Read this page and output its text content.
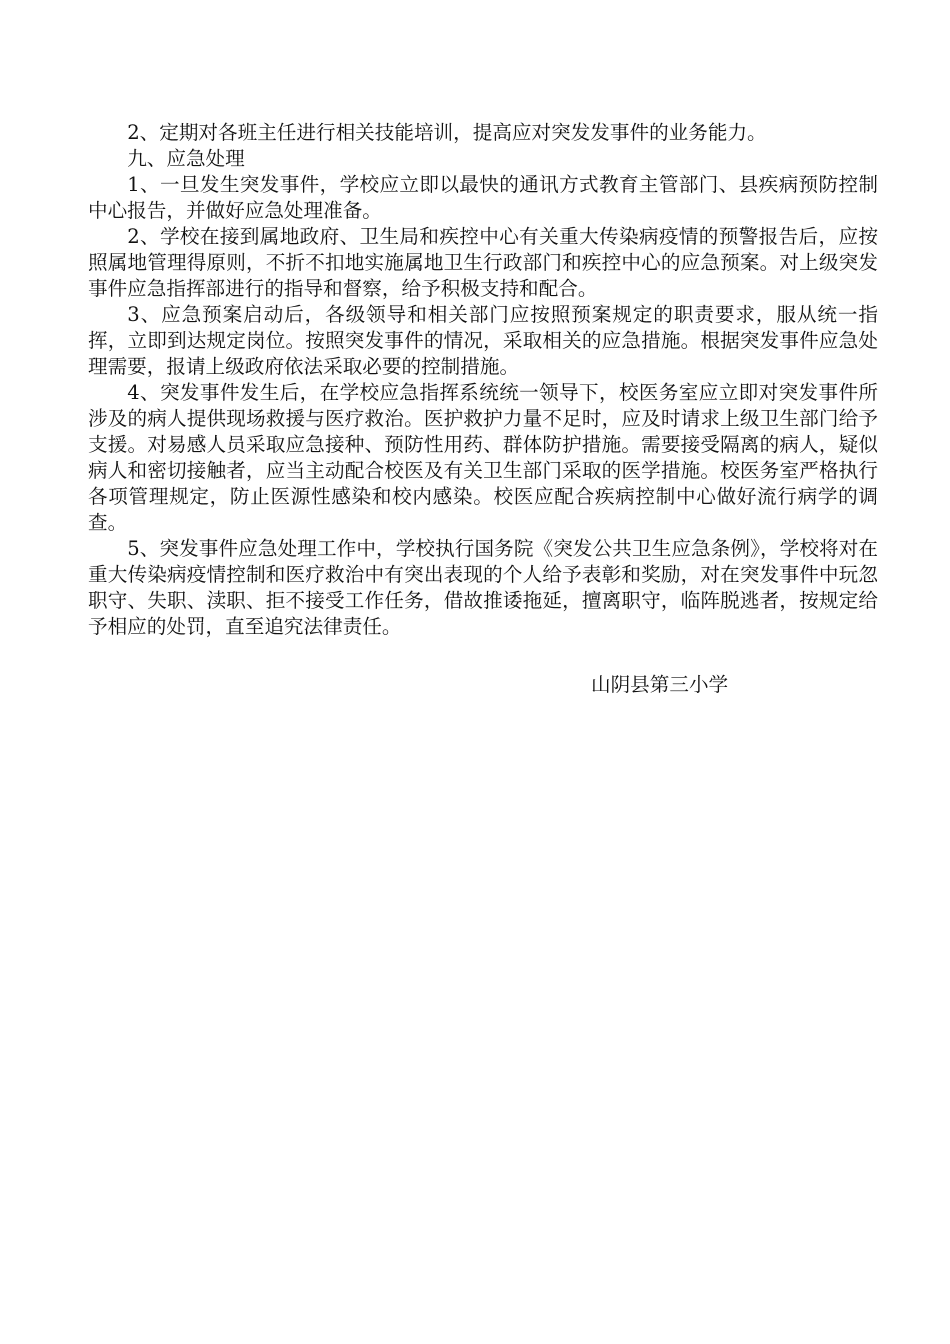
2、定期对各班主任进行相关技能培训，提高应对突发发事件的业务能力。

九、应急处理

1、一旦发生突发事件，学校应立即以最快的通讯方式教育主管部门、县疾病预防控制中心报告，并做好应急处理准备。

2、学校在接到属地政府、卫生局和疾控中心有关重大传染病疫情的预警报告后，应按照属地管理得原则，不折不扣地实施属地卫生行政部门和疾控中心的应急预案。对上级突发事件应急指挥部进行的指导和督察，给予积极支持和配合。

3、应急预案启动后，各级领导和相关部门应按照预案规定的职责要求，服从统一指挥，立即到达规定岗位。按照突发事件的情况，采取相关的应急措施。根据突发事件应急处理需要，报请上级政府依法采取必要的控制措施。

4、突发事件发生后，在学校应急指挥系统统一领导下，校医务室应立即对突发事件所涉及的病人提供现场救援与医疗救治。医护救护力量不足时，应及时请求上级卫生部门给予支援。对易感人员采取应急接种、预防性用药、群体防护措施。需要接受隔离的病人，疑似病人和密切接触者，应当主动配合校医及有关卫生部门采取的医学措施。校医务室严格执行各项管理规定，防止医源性感染和校内感染。校医应配合疾病控制中心做好流行病学的调查。

5、突发事件应急处理工作中，学校执行国务院《突发公共卫生应急条例》，学校将对在重大传染病疫情控制和医疗救治中有突出表现的个人给予表彰和奖励，对在突发事件中玩忽职守、失职、渎职、拒不接受工作任务，借故推诿拖延，擅离职守，临阵脱逃者，按规定给予相应的处罚，直至追究法律责任。

山阴县第三小学
